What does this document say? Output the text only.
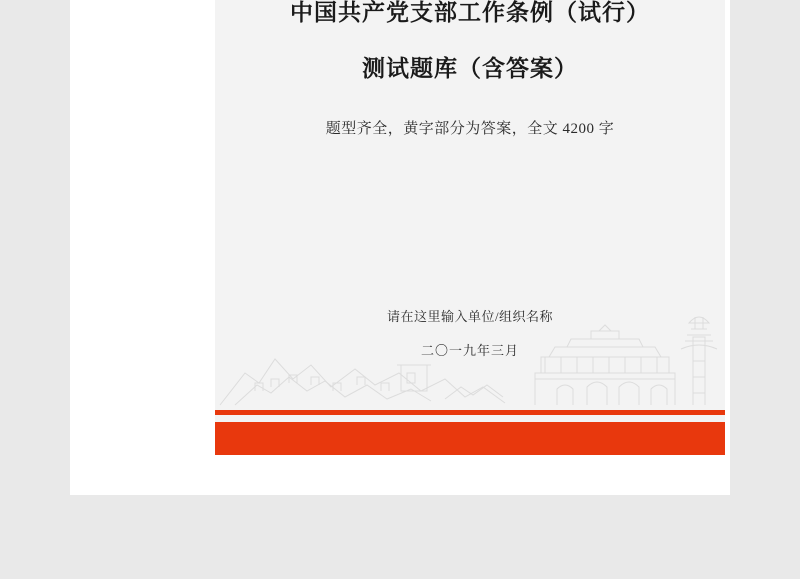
中国共产党支部工作条例（试行）
测试题库（含答案）
题型齐全，黄字部分为答案，全文 4200 字
请在这里输入单位/组织名称
二〇一九年三月
